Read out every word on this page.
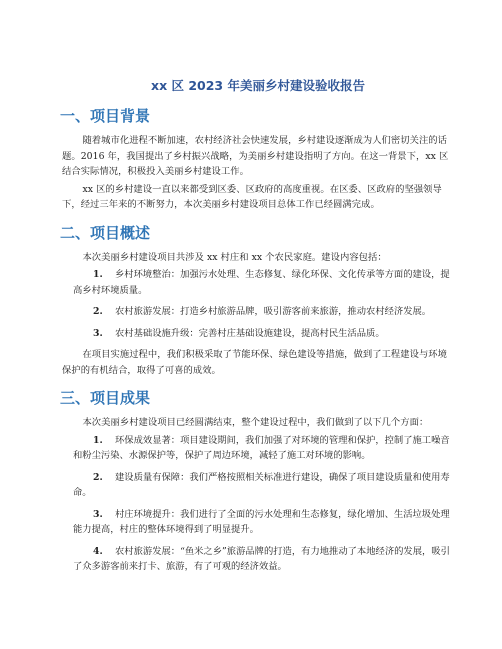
xx 区 2023 年美丽乡村建设验收报告
一、项目背景

随着城市化进程不断加速，农村经济社会快速发展，乡村建设逐渐成为人们密切关注的话题。2016 年，我国提出了乡村振兴战略，为美丽乡村建设指明了方向。在这一背景下，xx 区结合实际情况，积极投入美丽乡村建设工作。

xx 区的乡村建设一直以来都受到区委、区政府的高度重视。在区委、区政府的坚强领导下，经过三年来的不断努力，本次美丽乡村建设项目总体工作已经圆满完成。

二、项目概述

本次美丽乡村建设项目共涉及 xx 村庄和 xx 个农民家庭。建设内容包括：

1. 乡村环境整治：加强污水处理、生态修复、绿化环保、文化传承等方面的建设，提高乡村环境质量。
2. 农村旅游发展：打造乡村旅游品牌，吸引游客前来旅游，推动农村经济发展。
3. 农村基础设施升级：完善村庄基础设施建设，提高村民生活品质。

在项目实施过程中，我们积极采取了节能环保、绿色建设等措施，做到了工程建设与环境保护的有机结合，取得了可喜的成效。

三、项目成果

本次美丽乡村建设项目已经圆满结束，整个建设过程中，我们做到了以下几个方面：

1. 环保成效显著：项目建设期间，我们加强了对环境的管理和保护，控制了施工噪音和粉尘污染、水源保护等，保护了周边环境，减轻了施工对环境的影响。
2. 建设质量有保障：我们严格按照相关标准进行建设，确保了项目建设质量和使用寿命。
3. 村庄环境提升：我们进行了全面的污水处理和生态修复，绿化增加、生活垃圾处理能力提高，村庄的整体环境得到了明显提升。
4. 农村旅游发展：“鱼米之乡”旅游品牌的打造，有力地推动了本地经济的发展，吸引了众多游客前来打卡、旅游，有了可观的经济效益。
